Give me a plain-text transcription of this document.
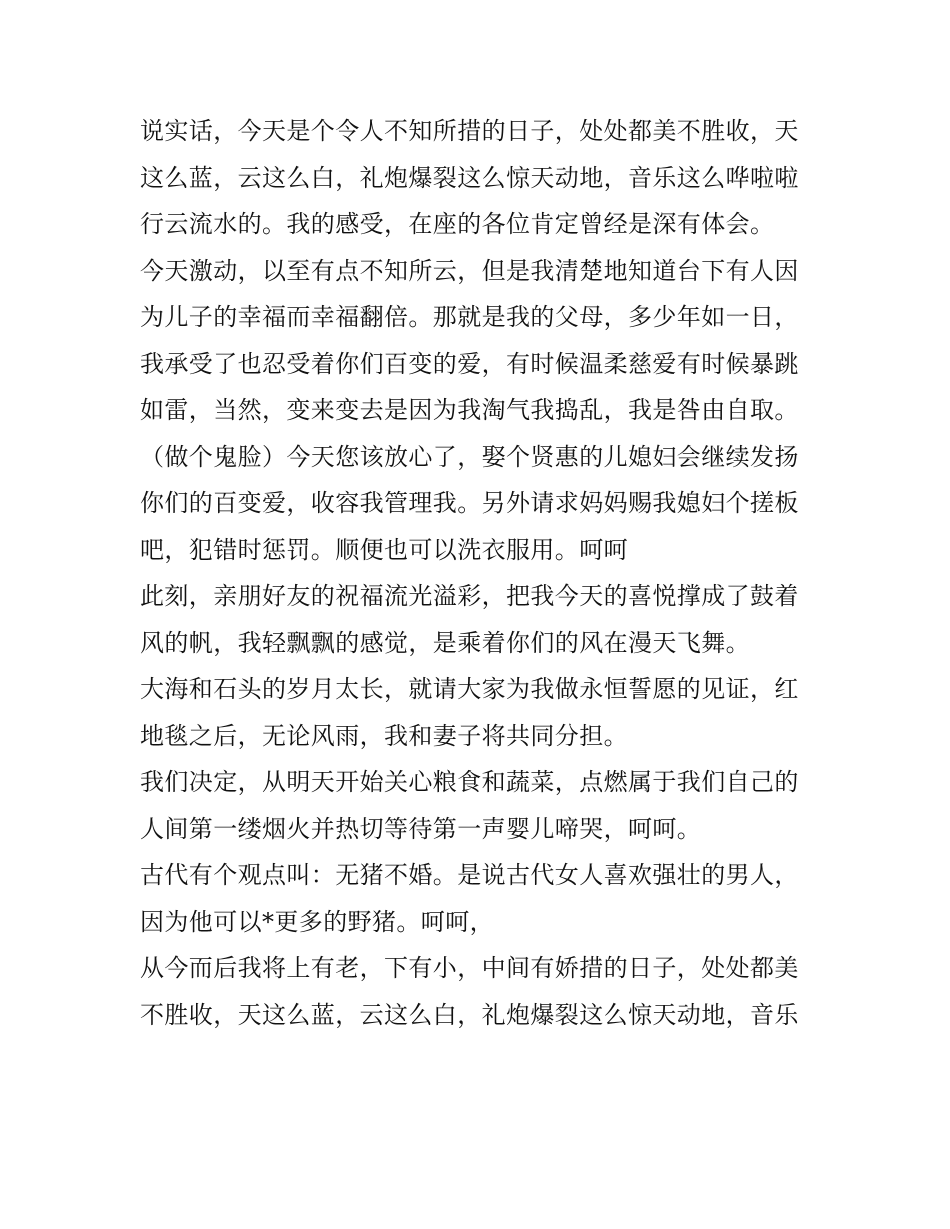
说实话，今天是个令人不知所措的日子，处处都美不胜收，天
这么蓝，云这么白，礼炮爆裂这么惊天动地，音乐这么哗啦啦
行云流水的。我的感受，在座的各位肯定曾经是深有体会。
今天激动，以至有点不知所云，但是我清楚地知道台下有人因
为儿子的幸福而幸福翻倍。那就是我的父母，多少年如一日，
我承受了也忍受着你们百变的爱，有时候温柔慈爱有时候暴跳
如雷，当然，变来变去是因为我淘气我捣乱，我是咎由自取。
（做个鬼脸）今天您该放心了，娶个贤惠的儿媳妇会继续发扬
你们的百变爱，收容我管理我。另外请求妈妈赐我媳妇个搓板
吧，犯错时惩罚。顺便也可以洗衣服用。呵呵
此刻，亲朋好友的祝福流光溢彩，把我今天的喜悦撑成了鼓着
风的帆，我轻飘飘的感觉，是乘着你们的风在漫天飞舞。
大海和石头的岁月太长，就请大家为我做永恒誓愿的见证，红
地毯之后，无论风雨，我和妻子将共同分担。
我们决定，从明天开始关心粮食和蔬菜，点燃属于我们自己的
人间第一缕烟火并热切等待第一声婴儿啼哭，呵呵。
古代有个观点叫：无猪不婚。是说古代女人喜欢强壮的男人，
因为他可以*更多的野猪。呵呵，
从今而后我将上有老，下有小，中间有娇措的日子，处处都美
不胜收，天这么蓝，云这么白，礼炮爆裂这么惊天动地，音乐
